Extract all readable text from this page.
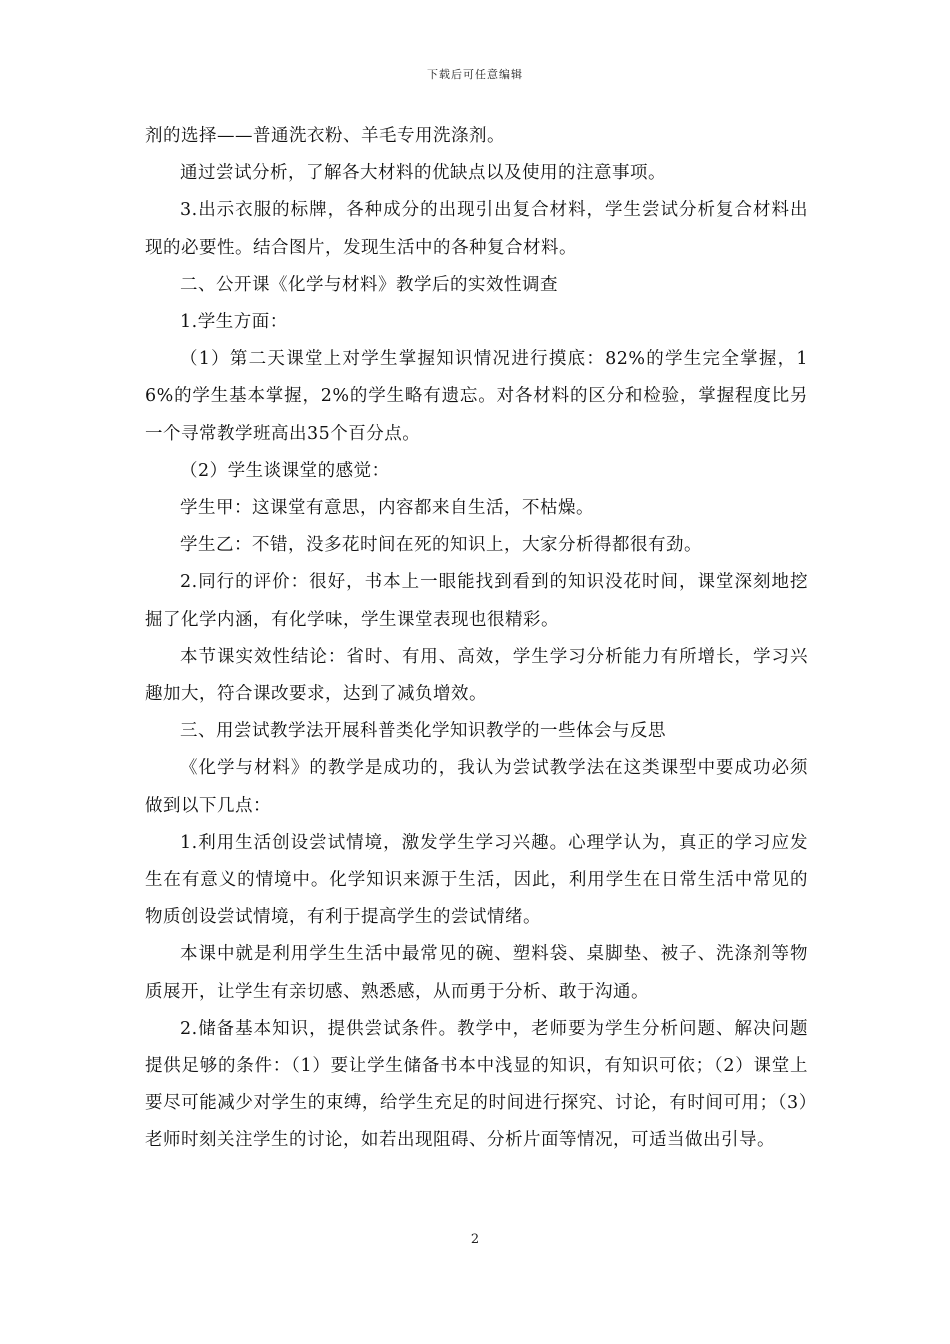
下载后可任意编辑

剂的选择——普通洗衣粉、羊毛专用洗涤剂。

通过尝试分析，了解各大材料的优缺点以及使用的注意事项。

3.出示衣服的标牌，各种成分的出现引出复合材料，学生尝试分析复合材料出现的必要性。结合图片，发现生活中的各种复合材料。

二、公开课《化学与材料》教学后的实效性调查

1.学生方面：

（1）第二天课堂上对学生掌握知识情况进行摸底：82%的学生完全掌握，16%的学生基本掌握，2%的学生略有遗忘。对各材料的区分和检验，掌握程度比另一个寻常教学班高出35个百分点。

（2）学生谈课堂的感觉：

学生甲：这课堂有意思，内容都来自生活，不枯燥。

学生乙：不错，没多花时间在死的知识上，大家分析得都很有劲。

2.同行的评价：很好，书本上一眼能找到看到的知识没花时间，课堂深刻地挖掘了化学内涵，有化学味，学生课堂表现也很精彩。

本节课实效性结论：省时、有用、高效，学生学习分析能力有所增长，学习兴趣加大，符合课改要求，达到了减负增效。

三、用尝试教学法开展科普类化学知识教学的一些体会与反思

《化学与材料》的教学是成功的，我认为尝试教学法在这类课型中要成功必须做到以下几点：

1.利用生活创设尝试情境，激发学生学习兴趣。心理学认为，真正的学习应发生在有意义的情境中。化学知识来源于生活，因此，利用学生在日常生活中常见的物质创设尝试情境，有利于提高学生的尝试情绪。

本课中就是利用学生生活中最常见的碗、塑料袋、桌脚垫、被子、洗涤剂等物质展开，让学生有亲切感、熟悉感，从而勇于分析、敢于沟通。

2.储备基本知识，提供尝试条件。教学中，老师要为学生分析问题、解决问题提供足够的条件：（1）要让学生储备书本中浅显的知识，有知识可依；（2）课堂上要尽可能减少对学生的束缚，给学生充足的时间进行探究、讨论，有时间可用；（3）老师时刻关注学生的讨论，如若出现阻碍、分析片面等情况，可适当做出引导。

2
